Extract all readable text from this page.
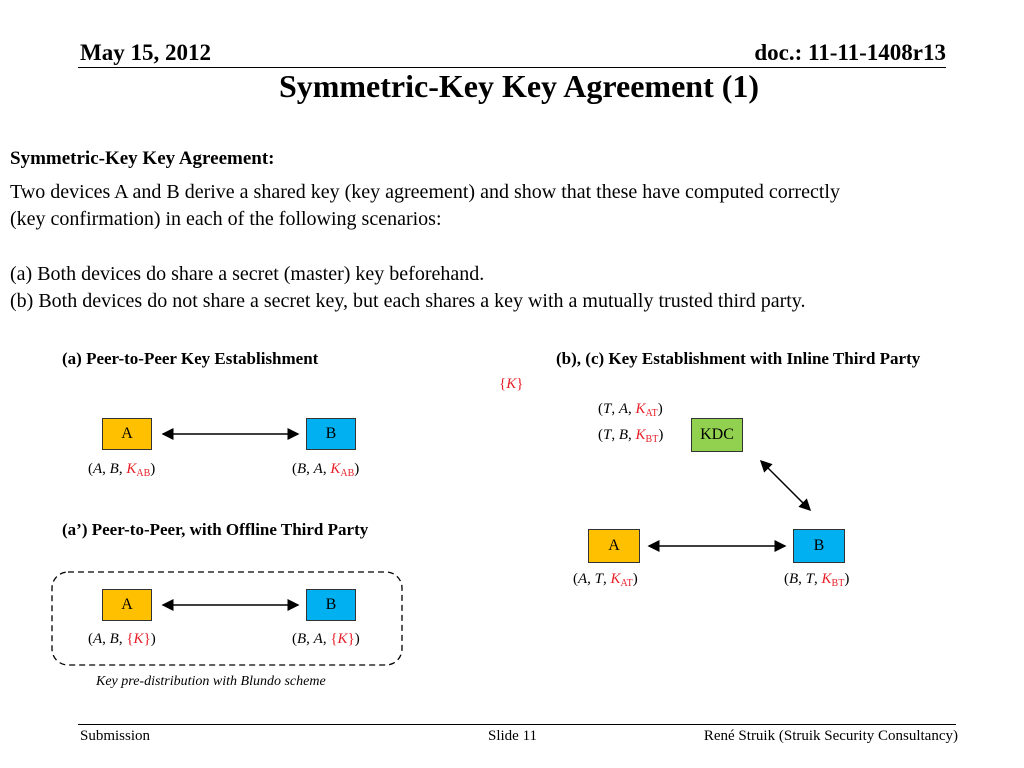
May 15, 2012	doc.: 11-11-1408r13
Symmetric-Key Key Agreement (1)
Symmetric-Key Key Agreement:
Two devices A and B derive a shared key (key agreement) and show that these have computed correctly
(key confirmation) in each of the following scenarios:
(a) Both devices do share a secret (master) key beforehand.
(b) Both devices do not share a secret key, but each shares a key with a mutually trusted third party.
(a) Peer-to-Peer Key Establishment	(b), (c) Key Establishment with Inline Third Party
(a’) Peer-to-Peer, with Offline Third Party
A	B
(A, B, $K_{AB}$)	(B, A, $K_{AB}$)
A	B
(A, B, {K})	(B, A, {K})
Key pre-distribution with Blundo scheme
{K}
(T, A, $K_{AT}$)
(T, B, $K_{BT}$)	KDC
A	B
(A, T, $K_{AT}$)	(B, T, $K_{BT}$)
Submission	Slide 11	René Struik (Struik Security Consultancy)
